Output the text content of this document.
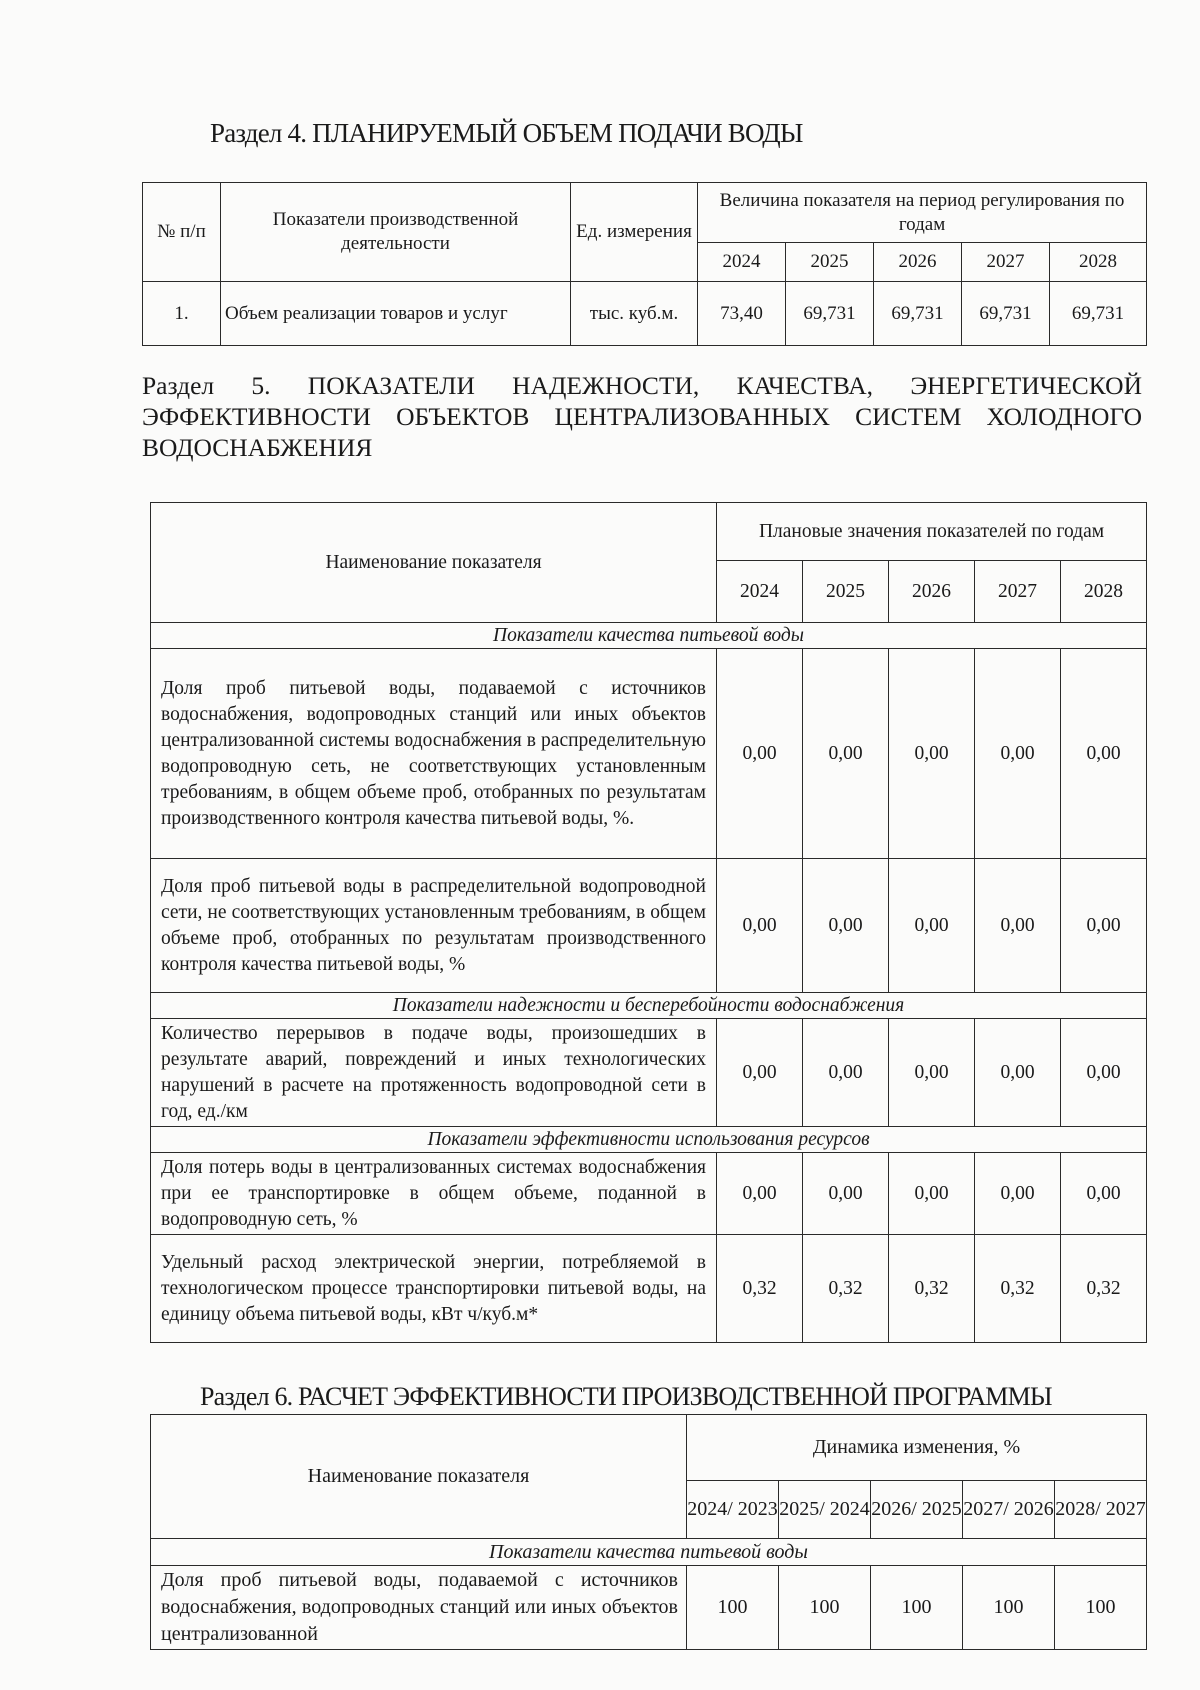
Раздел 4. ПЛАНИРУЕМЫЙ ОБЪЕМ ПОДАЧИ ВОДЫ
№ п/п	Показатели производственной деятельности	Ед. измерения	Величина показателя на период регулирования по годам				
			2024	2025	2026	2027	2028
1.	Объем реализации товаров и услуг	тыс. куб.м.	73,40	69,731	69,731	69,731	69,731
Раздел 5. ПОКАЗАТЕЛИ НАДЕЖНОСТИ, КАЧЕСТВА, ЭНЕРГЕТИЧЕСКОЙ ЭФФЕКТИВНОСТИ ОБЪЕКТОВ ЦЕНТРАЛИЗОВАННЫХ СИСТЕМ ХОЛОДНОГО ВОДОСНАБЖЕНИЯ
Наименование показателя	Плановые значения показателей по годам				
	2024	2025	2026	2027	2028
Показатели качества питьевой воды					
Доля проб питьевой воды, подаваемой с источников водоснабжения, водопроводных станций или иных объектов централизованной системы водоснабжения в распределительную водопроводную сеть, не соответствующих установленным требованиям, в общем объеме проб, отобранных по результатам производственного контроля качества питьевой воды, %.	0,00	0,00	0,00	0,00	0,00
Доля проб питьевой воды в распределительной водопроводной сети, не соответствующих установленным требованиям, в общем объеме проб, отобранных по результатам производственного контроля качества питьевой воды, %	0,00	0,00	0,00	0,00	0,00
Показатели надежности и бесперебойности водоснабжения					
Количество перерывов в подаче воды, произошедших в результате аварий, повреждений и иных технологических нарушений в расчете на протяженность водопроводной сети в год, ед./км	0,00	0,00	0,00	0,00	0,00
Показатели эффективности использования ресурсов					
Доля потерь воды в централизованных системах водоснабжения при ее транспортировке в общем объеме, поданной в водопроводную сеть, %	0,00	0,00	0,00	0,00	0,00
Удельный расход электрической энергии, потребляемой в технологическом процессе транспортировки питьевой воды, на единицу объема питьевой воды, кВт ч/куб.м*	0,32	0,32	0,32	0,32	0,32
Раздел 6. РАСЧЕТ ЭФФЕКТИВНОСТИ ПРОИЗВОДСТВЕННОЙ ПРОГРАММЫ
Наименование показателя	Динамика изменения, %				
	2024/ 2023	2025/ 2024	2026/ 2025	2027/ 2026	2028/ 2027
Показатели качества питьевой воды					
Доля проб питьевой воды, подаваемой с источников водоснабжения, водопроводных станций или иных объектов централизованной	100	100	100	100	100
